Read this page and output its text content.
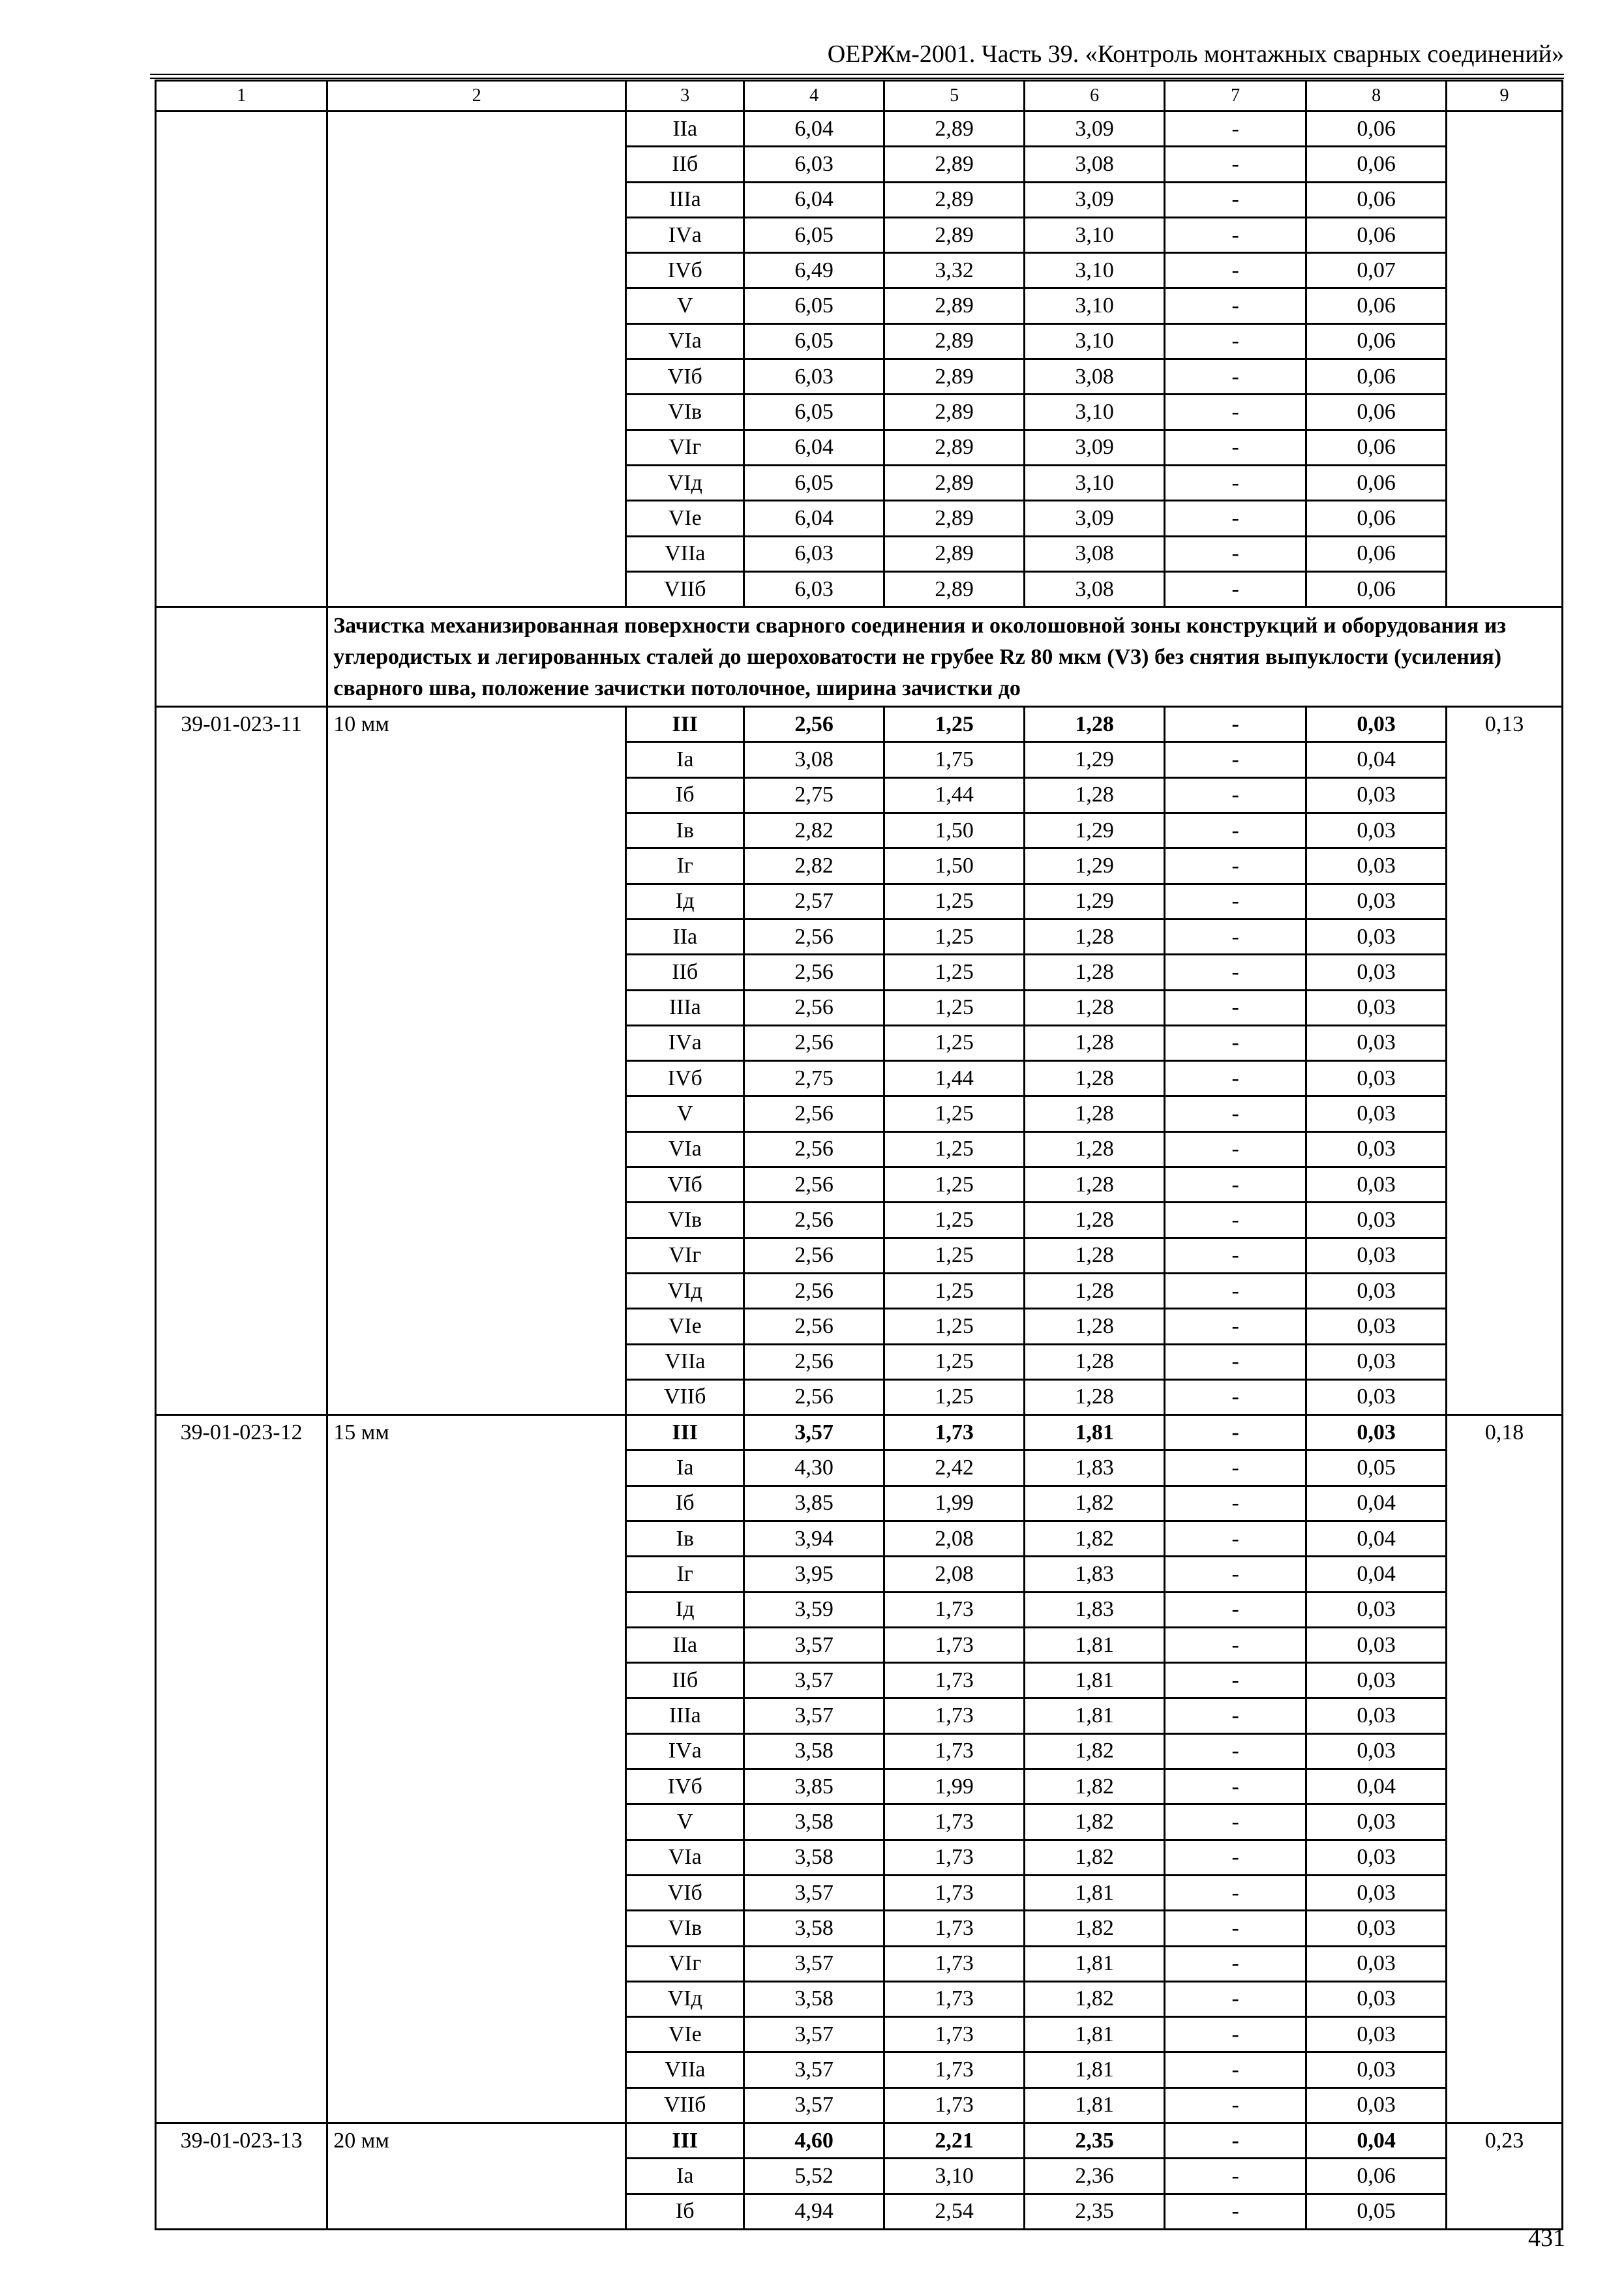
ОЕРЖм-2001. Часть 39. «Контроль монтажных сварных соединений»
1	2	3	4	5	6	7	8	9
		IIа	6,04	2,89	3,09	-	0,06	
		IIб	6,03	2,89	3,08	-	0,06	
		IIIа	6,04	2,89	3,09	-	0,06	
		IVа	6,05	2,89	3,10	-	0,06	
		IVб	6,49	3,32	3,10	-	0,07	
		V	6,05	2,89	3,10	-	0,06	
		VIа	6,05	2,89	3,10	-	0,06	
		VIб	6,03	2,89	3,08	-	0,06	
		VIв	6,05	2,89	3,10	-	0,06	
		VIг	6,04	2,89	3,09	-	0,06	
		VIд	6,05	2,89	3,10	-	0,06	
		VIе	6,04	2,89	3,09	-	0,06	
		VIIа	6,03	2,89	3,08	-	0,06	
		VIIб	6,03	2,89	3,08	-	0,06	
	Зачистка механизированная поверхности сварного соединения и околошовной зоны конструкций и оборудования из углеродистых и легированных сталей до шероховатости не грубее Rz 80 мкм (V3) без снятия выпуклости (усиления) сварного шва, положение зачистки потолочное, ширина зачистки до							
39-01-023-11	10 мм	III	2,56	1,25	1,28	-	0,03	0,13
		Iа	3,08	1,75	1,29	-	0,04	
		Iб	2,75	1,44	1,28	-	0,03	
		Iв	2,82	1,50	1,29	-	0,03	
		Iг	2,82	1,50	1,29	-	0,03	
		Iд	2,57	1,25	1,29	-	0,03	
		IIа	2,56	1,25	1,28	-	0,03	
		IIб	2,56	1,25	1,28	-	0,03	
		IIIа	2,56	1,25	1,28	-	0,03	
		IVа	2,56	1,25	1,28	-	0,03	
		IVб	2,75	1,44	1,28	-	0,03	
		V	2,56	1,25	1,28	-	0,03	
		VIа	2,56	1,25	1,28	-	0,03	
		VIб	2,56	1,25	1,28	-	0,03	
		VIв	2,56	1,25	1,28	-	0,03	
		VIг	2,56	1,25	1,28	-	0,03	
		VIд	2,56	1,25	1,28	-	0,03	
		VIе	2,56	1,25	1,28	-	0,03	
		VIIа	2,56	1,25	1,28	-	0,03	
		VIIб	2,56	1,25	1,28	-	0,03	
39-01-023-12	15 мм	III	3,57	1,73	1,81	-	0,03	0,18
		Iа	4,30	2,42	1,83	-	0,05	
		Iб	3,85	1,99	1,82	-	0,04	
		Iв	3,94	2,08	1,82	-	0,04	
		Iг	3,95	2,08	1,83	-	0,04	
		Iд	3,59	1,73	1,83	-	0,03	
		IIа	3,57	1,73	1,81	-	0,03	
		IIб	3,57	1,73	1,81	-	0,03	
		IIIа	3,57	1,73	1,81	-	0,03	
		IVа	3,58	1,73	1,82	-	0,03	
		IVб	3,85	1,99	1,82	-	0,04	
		V	3,58	1,73	1,82	-	0,03	
		VIа	3,58	1,73	1,82	-	0,03	
		VIб	3,57	1,73	1,81	-	0,03	
		VIв	3,58	1,73	1,82	-	0,03	
		VIг	3,57	1,73	1,81	-	0,03	
		VIд	3,58	1,73	1,82	-	0,03	
		VIе	3,57	1,73	1,81	-	0,03	
		VIIа	3,57	1,73	1,81	-	0,03	
		VIIб	3,57	1,73	1,81	-	0,03	
39-01-023-13	20 мм	III	4,60	2,21	2,35	-	0,04	0,23
		Iа	5,52	3,10	2,36	-	0,06	
		Iб	4,94	2,54	2,35	-	0,05	
431
